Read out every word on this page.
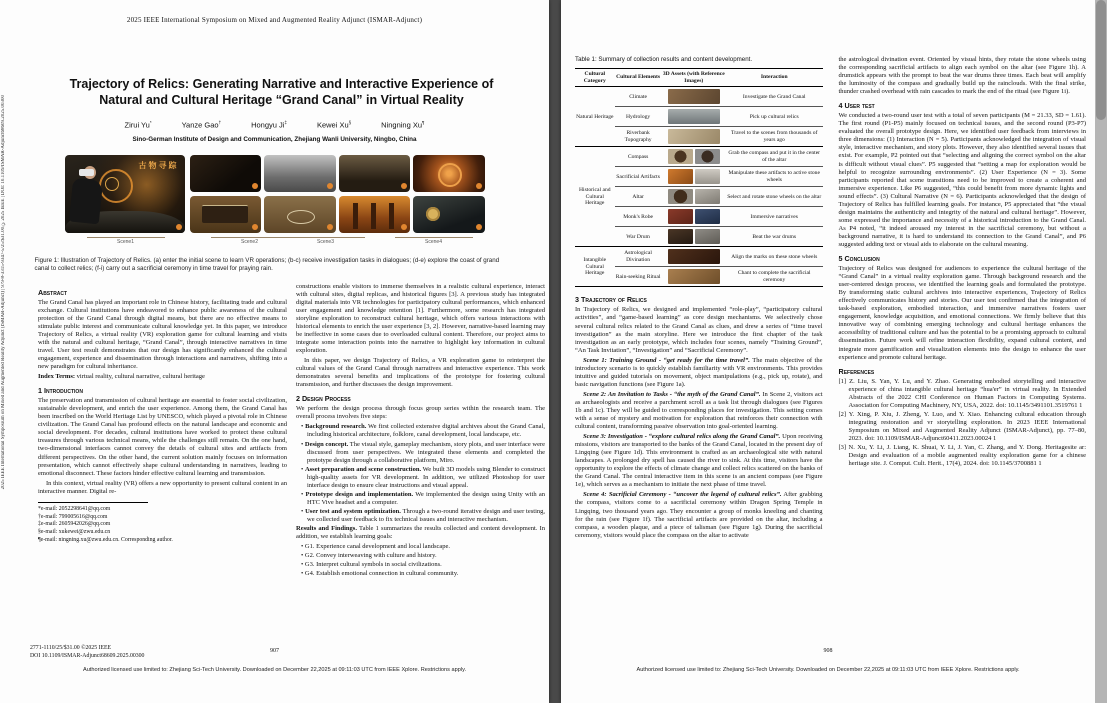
2025 IEEE International Symposium on Mixed and Augmented Reality Adjunct (ISMAR-Adjunct) | 979-8-3315-9347-5/25/$31.00 ©2025 IEEE | DOI: 10.1109/ISMAR-Adjunct68609.2025.00300
2025 IEEE International Symposium on Mixed and Augmented Reality Adjunct (ISMAR-Adjunct)
Trajectory of Relics: Generating Narrative and Interactive Experience of
Natural and Cultural Heritage “Grand Canal” in Virtual Reality
Zirui Yu*	Yanze Gao†	Hongyu Ji‡	Kewei Xu§	Ningning Xu¶
Sino-German Institute of Design and Communication, Zhejiang Wanli University, Ningbo, China
古物寻踪
Scene1	Scene2	Scene3	Scene4
Figure 1: Illustration of Trajectory of Relics. (a) enter the initial scene to learn VR operations; (b-c) receive investigation tasks in dialogues; (d-e) explore the coast of grand canal to collect relics; (f-i) carry out a sacrificial ceremony in time travel for praying rain.
Abstract

The Grand Canal has played an important role in Chinese history, facilitating trade and cultural exchange. Cultural institutions have endeavored to enhance public awareness of the cultural protection of the Grand Canal through digital means, but there are no effective means to stimulate public interest and communicate cultural knowledge yet. In this paper, we introduce Trajectory of Relics, a virtual reality (VR) exploration game for cultural learning and visits with the natural and cultural heritage, “Grand Canal”, through interactive narratives in time travel. User test result demonstrates that our design has significantly enhanced the cultural engagement, experience and dissemination through interactions and narratives, shifting into a new paradigm for cultural inheritance.

Index Terms: virtual reality, cultural narrative, cultural heritage

1 Introduction

The preservation and transmission of cultural heritage are essential to foster social civilization, sustainable development, and enrich the user experience. Among them, the Grand Canal has been inscribed on the World Heritage List by UNESCO, which played a pivotal role in Chinese civilization. The Grand Canal has profound effects on the natural landscape and economic and social development. For decades, cultural institutions have worked to protect these cultural treasures through various technical means, while the challenges still remain. On the one hand, two-dimensional interfaces cannot convey the details of cultural sites and artifacts from different perspectives. On the other hand, the current solution mainly focuses on information presentation, which cannot effectively shape cultural understanding in narratives, leading to emotional disconnect. These factors hinder effective cultural learning and transmission.

In this context, virtual reality (VR) offers a new opportunity to present cultural content in an interactive manner. Digital re-

*e-mail: 2052298641@qq.com
†e-mail: 799005616@qq.com
‡e-mail: 2605942026@qq.com
§e-mail: xukewei@zwu.edu.cn
¶e-mail: ningning.xu@zwu.edu.cn. Corresponding author.

constructions enable visitors to immerse themselves in a realistic cultural experience, interact with cultural sites, digital replicas, and historical figures [3]. A previous study has integrated digital materials into VR technologies for participatory cultural performances, which enhanced user engagement and knowledge retention [1]. Furthermore, some research has integrated storyline exploration to reconstruct cultural heritage, which offers various interactions with historical elements to enrich the user experience [3, 2]. However, narrative-based learning may be ineffective in some cases due to overloaded cultural content. Therefore, our project aims to integrate some interaction points into the narrative to highlight key information in cultural exploration.

In this paper, we design Trajectory of Relics, a VR exploration game to reinterpret the cultural values of the Grand Canal through narratives and interactive experience. This work demonstrates several benefits and implications of the prototype for fostering cultural transmission, and further discusses the design improvement.

2 Design Process

We perform the design process through focus group series within the research team. The overall process involves five steps:

• Background research. We first collected extensive digital archives about the Grand Canal, including historical architecture, folklore, canal development, local landscape, etc.
• Design concept. The visual style, gameplay mechanism, story plots, and user interface were discussed from user perspectives. We integrated these elements and completed the prototype design through a collaborative platform, Miro.
• Asset preparation and scene construction. We built 3D models using Blender to construct high-quality assets for VR development. In addition, we utilized Photoshop for user interface design to ensure clear instructions and visual appeal.
• Prototype design and implementation. We implemented the design using Unity with an HTC Vive headset and a computer.
• User test and system optimization. Through a two-round iterative design and user testing, we collected user feedback to fix technical issues and interactive mechanism.

Results and Findings. Table 1 summarizes the results collected and content development. In addition, we establish learning goals:

• G1. Experience canal development and local landscape.
• G2. Convey interweaving with culture and history.
• G3. Interpret cultural symbols in social civilizations.
• G4. Establish emotional connection in cultural community.
2771-1110/25/$31.00 ©2025 IEEE
DOI 10.1109/ISMAR-Adjunct68609.2025.00300
907
Authorized licensed use limited to: Zhejiang Sci-Tech University. Downloaded on December 22,2025 at 09:11:03 UTC from IEEE Xplore. Restrictions apply.
Table 1: Summary of collection results and content development.
Cultural Category	Cultural Elements	3D Assets (with Reference Images)	Interaction
Natural Heritage	Climate		Investigate the Grand Canal
	Hydrology		Pick up cultural relics
	Riverbank Topography		Travel to the scenes from thousands of years ago
Historical and Cultural Heritage	Compass		Grab the compass and put it in the center of the altar
	Sacrificial Artifacts		Manipulate these artifacts to active stone wheels
	Altar		Select and rotate stone wheels on the altar
	Monk's Robe		Immersive narratives
	War Drum		Beat the war drums
Intangible Cultural Heritage	Astrological Divination		Align the marks on these stone wheels
	Rain-seeking Ritual		Chant to complete the sacrificial ceremony
3 Trajectory of Relics

In Trajectory of Relics, we designed and implemented “role-play”, “participatory cultural activities”, and “game-based learning” as core design mechanisms. We selectively chose several cultural relics related to the Grand Canal as clues, and drew a series of “time travel investigation” as the main storyline. Here we introduce the first chapter of the task investigation as an early prototype, which includes four scenes, namely “Training Ground”, “An Task Invitation”, “Investigation” and “Sacrificial Ceremony”.

Scene 1: Training Ground - “get ready for the time travel”. The main objective of the introductory scenario is to quickly establish familiarity with VR environments. This provides intuitive and guided tutorials on movement, object manipulations (e.g., pick up, rotate), and basic navigation functions (see Figure 1a).

Scene 2: An Invitation to Tasks - “the myth of the Grand Canal”. In Scene 2, visitors act as archaeologists and receive a parchment scroll as a task list through dialogues (see Figures 1b and 1c). They will be guided to corresponding places for investigation. This setting comes with a sense of mystery and motivation for exploration that reinforces their connection with cultural content, transforming passive observation into goal-oriented learning.

Scene 3: Investigation - “explore cultural relics along the Grand Canal”. Upon receiving missions, visitors are transported to the banks of the Grand Canal, located in the present day of Lingqing (see Figure 1d). This environment is crafted as an archaeological site with natural landscapes. A prolonged dry spell has caused the river to sink. At this time, visitors have the opportunity to explore the effects of climate change and collect relics scattered on the banks of the Grand Canal. The central interactive item in this scene is an ancient compass (see Figure 1e), which serves as a mechanism to initiate the next phase of time travel.

Scene 4: Sacrificial Ceremony - “uncover the legend of cultural relics”. After grabbing the compass, visitors come to a sacrificial ceremony within Dragon Spring Temple in Lingqing, two thousand years ago. They encounter a group of monks kneeling and chanting for the rain (see Figure 1f). The sacrificial artifacts are provided on the altar, including a compass, a wooden plaque, and a piece of talisman (see Figure 1g). During the sacrificial ceremony, visitors would place the compass on the altar to activate

the astrological divination event. Oriented by visual hints, they rotate the stone wheels using the corresponding sacrificial artifacts to align each symbol on the altar (see Figure 1h). A drumstick appears with the prompt to beat the war drums three times. Each beat will amplify the luminosity of the compass and gradually build up the rainclouds. With the final strike, thunder crashed overhead with rain cascades to mark the end of the ritual (see Figure 1i).

4 User test

We conducted a two-round user test with a total of seven participants (M = 21.33, SD = 1.61). The first round (P1-P5) mainly focused on technical issues, and the second round (P3-P7) evaluated the overall prototype design. Here, we identified user feedback from interviews in three dimensions: (1) Interaction (N = 5). Participants acknowledged the integration of visual style, interactive mechanism, and story plots. However, they also identified several issues that exist. For example, P2 pointed out that “selecting and aligning the correct symbol on the altar is difficult without visual clues”. P5 suggested that “setting a map for exploration would be helpful to recognize surrounding environments”. (2) User Experience (N = 3). Some participants reported that scene transitions need to be improved to create a coherent and immersive experience. Like P6 suggested, “this could benefit from more dynamic lights and sound effects”. (3) Cultural Narrative (N = 6). Participants acknowledged that the design of Trajectory of Relics has fulfilled learning goals. For instance, P5 appreciated that “the visual design maintains the authenticity and integrity of the natural and cultural heritage”. However, some expressed the importance and necessity of a historical introduction to the Grand Canal. As P4 noted, “it indeed aroused my interest in the sacrificial ceremony, but without a background narrative, it is hard to understand its connection to the Grand Canal”, and P6 suggested adding text or visual aids to elaborate on the cultural meaning.

5 Conclusion

Trajectory of Relics was designed for audiences to experience the cultural heritage of the “Grand Canal” in a virtual reality exploration game. Through background research and the user-centered design process, we identified the learning goals and formulated the prototype. By transforming static cultural archives into interactive experiences, Trajectory of Relics effectively communicates history and stories. Our user test confirmed that the integration of task-based exploration, embodied interaction, and immersive narratives fosters user engagement, knowledge acquisition, and emotional connections. We firmly believe that this innovative way of combining emerging technology and cultural heritage enhances the accessibility of traditional culture and has the potential to be a promising approach to cultural dissemination. Future work will refine interaction flexibility, expand cultural content, and integrate more gamification and visualization elements into the design to enhance the user experience and promote cultural heritage.

References
[1] Z. Liu, S. Yan, Y. Lu, and Y. Zhao. Generating embodied storytelling and interactive experience of china intangible cultural heritage “hua'er” in virtual reality. In Extended Abstracts of the 2022 CHI Conference on Human Factors in Computing Systems. Association for Computing Machinery, NY, USA, 2022. doi: 10.1145/3491101.3519761 1
[2] Y. Xing, P. Xiu, J. Zheng, Y. Luo, and Y. Xiao. Enhancing cultural education through integrating restoration and vr storytelling exploration. In 2023 IEEE International Symposium on Mixed and Augmented Reality Adjunct (ISMAR-Adjunct), pp. 77–80, 2023. doi: 10.1109/ISMAR-Adjunct60411.2023.00024 1
[3] N. Xu, Y. Li, J. Liang, K. Shuai, Y. Li, J. Yan, C. Zhang, and Y. Dong. Heritagesite ar: Design and evaluation of a mobile augmented reality exploration game for a chinese heritage site. J. Comput. Cult. Herit., 17(4), 2024. doi: 10.1145/3700881 1
908
Authorized licensed use limited to: Zhejiang Sci-Tech University. Downloaded on December 22,2025 at 09:11:03 UTC from IEEE Xplore. Restrictions apply.
